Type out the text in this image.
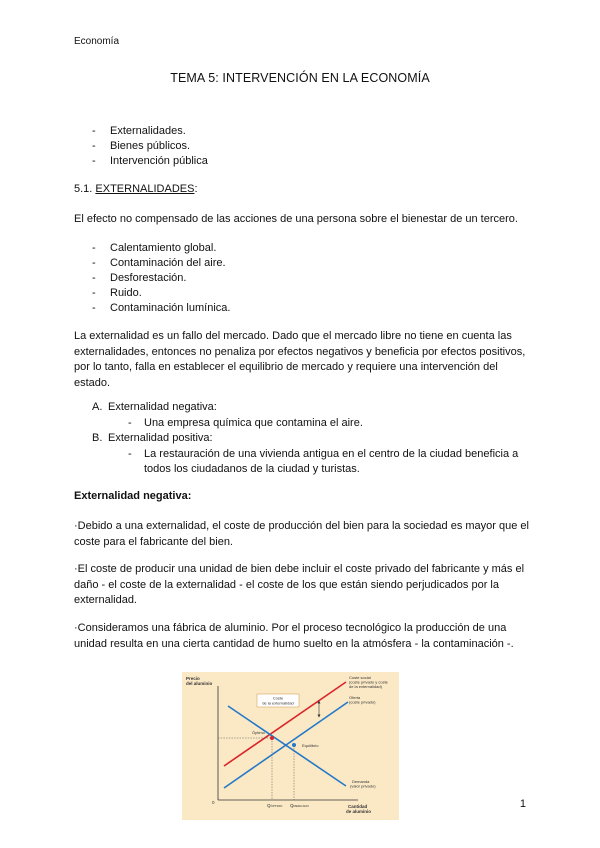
Economía
TEMA 5: INTERVENCIÓN EN LA ECONOMÍA
- Externalidades.
- Bienes públicos.
- Intervención pública
5.1. EXTERNALIDADES:
El efecto no compensado de las acciones de una persona sobre el bienestar de un tercero.
- Calentamiento global.
- Contaminación del aire.
- Desforestación.
- Ruido.
- Contaminación lumínica.
La externalidad es un fallo del mercado. Dado que el mercado libre no tiene en cuenta las externalidades, entonces no penaliza por efectos negativos y beneficia por efectos positivos, por lo tanto, falla en establecer el equilibrio de mercado y requiere una intervención del estado.
A. Externalidad negativa:
- Una empresa química que contamina el aire.
B. Externalidad positiva:
- La restauración de una vivienda antigua en el centro de la ciudad beneficia a todos los ciudadanos de la ciudad y turistas.
Externalidad negativa:
·Debido a una externalidad, el coste de producción del bien para la sociedad es mayor que el coste para el fabricante del bien.
·El coste de producir una unidad de bien debe incluir el coste privado del fabricante y más el daño - el coste de la externalidad - el coste de los que están siendo perjudicados por la externalidad.
·Consideramos una fábrica de aluminio. Por el proceso tecnológico la producción de una unidad resulta en una cierta cantidad de humo suelto en la atmósfera - la contaminación -.
Precio
del aluminio
Cantidad
de aluminio
0
Coste
de la externalidad
Coste social
(coste privado y coste
de la externalidad)
Oferta
(coste privado)
Demanda
(valor privado)
Óptimo
Equilibrio
QÓPTIMO QMERCADO	1
